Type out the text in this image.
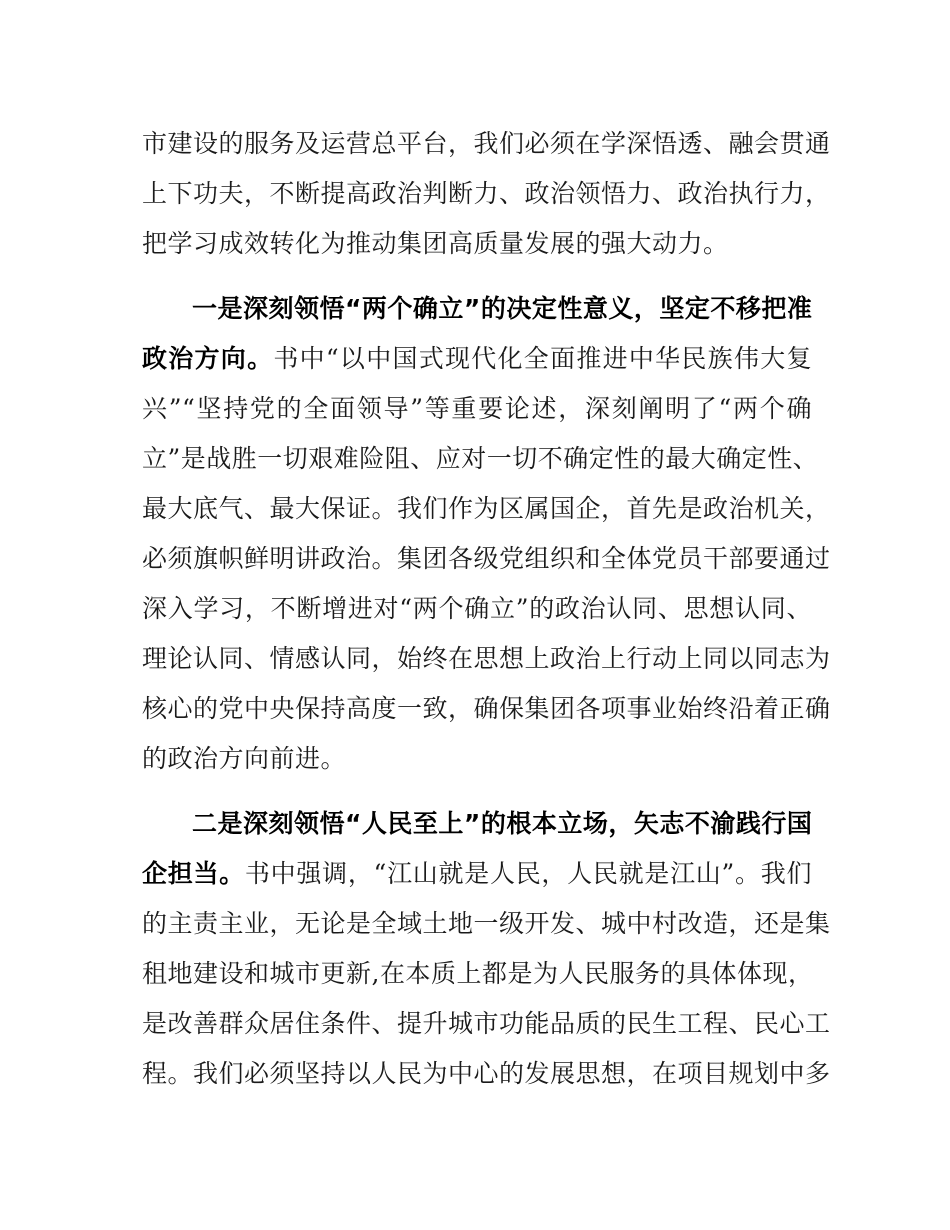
市建设的服务及运营总平台，我们必须在学深悟透、融会贯通
上下功夫，不断提高政治判断力、政治领悟力、政治执行力，
把学习成效转化为推动集团高质量发展的强大动力。
一是深刻领悟“两个确立”的决定性意义，坚定不移把准
政治方向。书中“以中国式现代化全面推进中华民族伟大复
兴”“坚持党的全面领导”等重要论述，深刻阐明了“两个确
立”是战胜一切艰难险阻、应对一切不确定性的最大确定性、
最大底气、最大保证。我们作为区属国企，首先是政治机关，
必须旗帜鲜明讲政治。集团各级党组织和全体党员干部要通过
深入学习，不断增进对“两个确立”的政治认同、思想认同、
理论认同、情感认同，始终在思想上政治上行动上同以同志为
核心的党中央保持高度一致，确保集团各项事业始终沿着正确
的政治方向前进。
二是深刻领悟“人民至上”的根本立场，矢志不渝践行国
企担当。书中强调，“江山就是人民，人民就是江山”。我们
的主责主业，无论是全域土地一级开发、城中村改造，还是集
租地建设和城市更新,在本质上都是为人民服务的具体体现，
是改善群众居住条件、提升城市功能品质的民生工程、民心工
程。我们必须坚持以人民为中心的发展思想，在项目规划中多
